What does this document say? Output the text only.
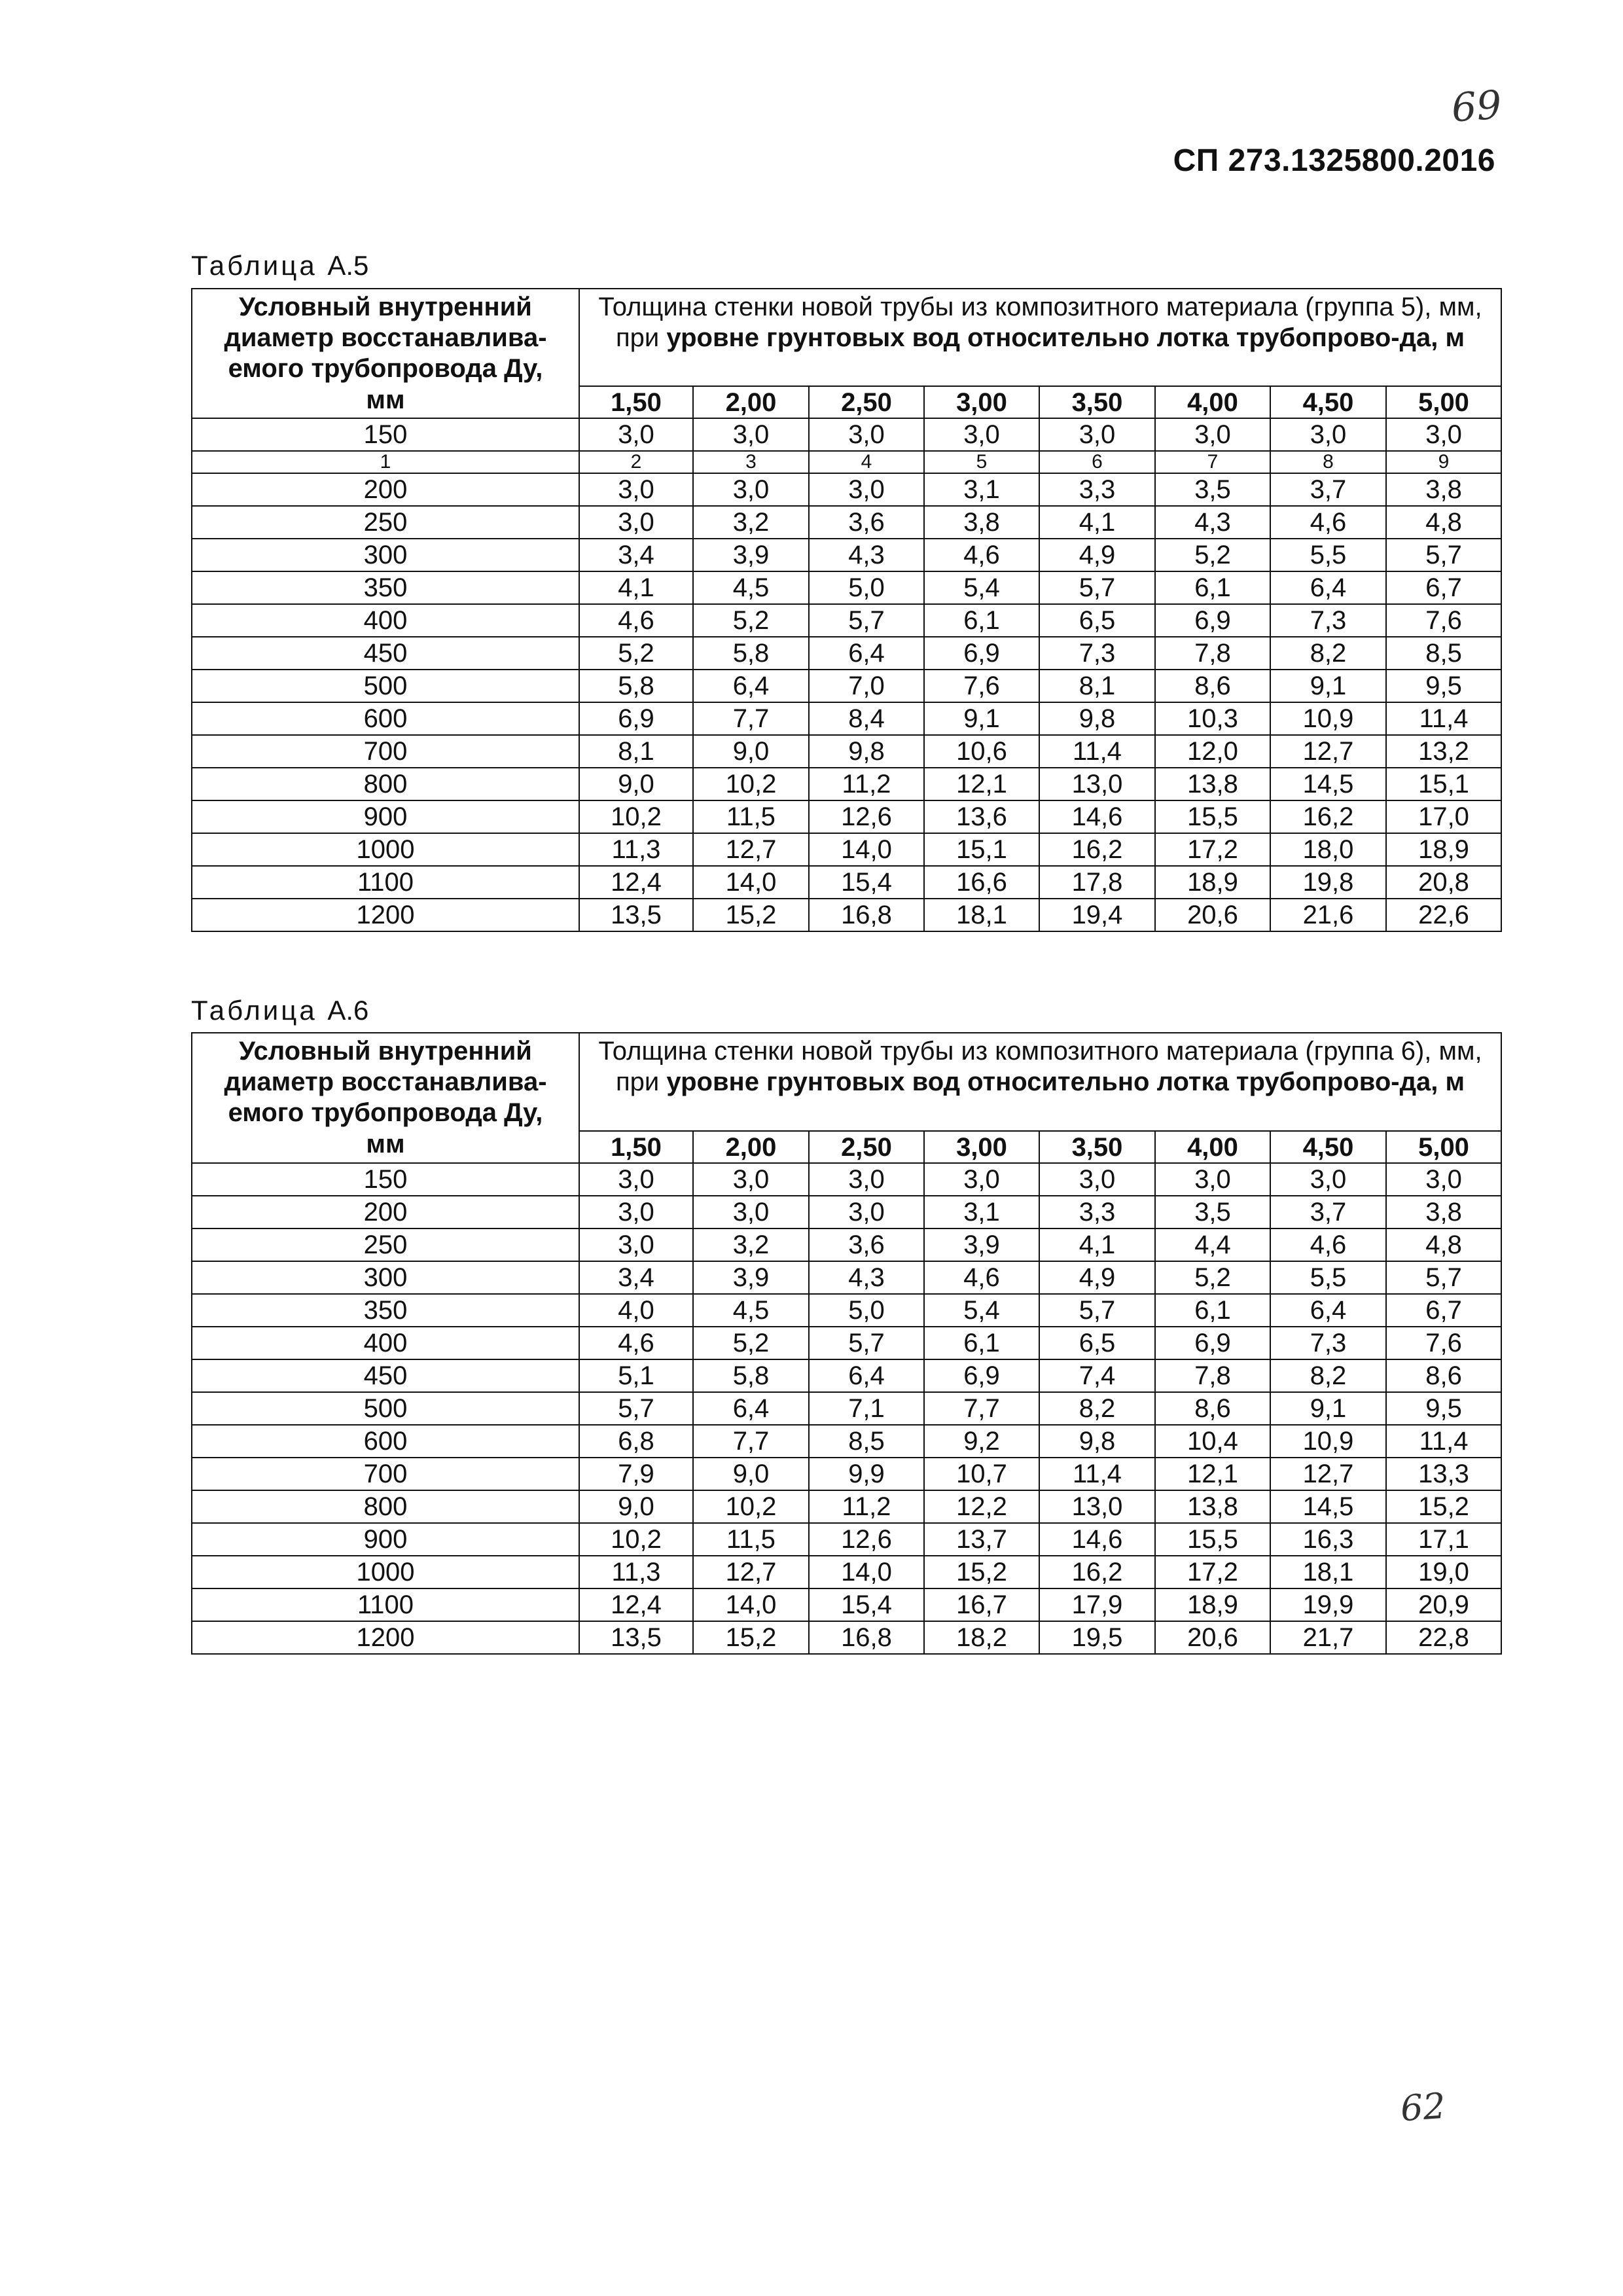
69
СП 273.1325800.2016
Таблица А.5
Условный внутренний диаметр восстанавлива-емого трубопровода Ду,
мм	Толщина стенки новой трубы из композитного материала (группа 5), мм, при уровне грунтовых вод относительно лотка трубопрово-да, м							
	1,50	2,00	2,50	3,00	3,50	4,00	4,50	5,00
150	3,0	3,0	3,0	3,0	3,0	3,0	3,0	3,0
1	2	3	4	5	6	7	8	9
200	3,0	3,0	3,0	3,1	3,3	3,5	3,7	3,8
250	3,0	3,2	3,6	3,8	4,1	4,3	4,6	4,8
300	3,4	3,9	4,3	4,6	4,9	5,2	5,5	5,7
350	4,1	4,5	5,0	5,4	5,7	6,1	6,4	6,7
400	4,6	5,2	5,7	6,1	6,5	6,9	7,3	7,6
450	5,2	5,8	6,4	6,9	7,3	7,8	8,2	8,5
500	5,8	6,4	7,0	7,6	8,1	8,6	9,1	9,5
600	6,9	7,7	8,4	9,1	9,8	10,3	10,9	11,4
700	8,1	9,0	9,8	10,6	11,4	12,0	12,7	13,2
800	9,0	10,2	11,2	12,1	13,0	13,8	14,5	15,1
900	10,2	11,5	12,6	13,6	14,6	15,5	16,2	17,0
1000	11,3	12,7	14,0	15,1	16,2	17,2	18,0	18,9
1100	12,4	14,0	15,4	16,6	17,8	18,9	19,8	20,8
1200	13,5	15,2	16,8	18,1	19,4	20,6	21,6	22,6
Таблица А.6
Условный внутренний диаметр восстанавлива-емого трубопровода Ду,
мм	Толщина стенки новой трубы из композитного материала (группа 6), мм, при уровне грунтовых вод относительно лотка трубопрово-да, м							
	1,50	2,00	2,50	3,00	3,50	4,00	4,50	5,00
150	3,0	3,0	3,0	3,0	3,0	3,0	3,0	3,0
200	3,0	3,0	3,0	3,1	3,3	3,5	3,7	3,8
250	3,0	3,2	3,6	3,9	4,1	4,4	4,6	4,8
300	3,4	3,9	4,3	4,6	4,9	5,2	5,5	5,7
350	4,0	4,5	5,0	5,4	5,7	6,1	6,4	6,7
400	4,6	5,2	5,7	6,1	6,5	6,9	7,3	7,6
450	5,1	5,8	6,4	6,9	7,4	7,8	8,2	8,6
500	5,7	6,4	7,1	7,7	8,2	8,6	9,1	9,5
600	6,8	7,7	8,5	9,2	9,8	10,4	10,9	11,4
700	7,9	9,0	9,9	10,7	11,4	12,1	12,7	13,3
800	9,0	10,2	11,2	12,2	13,0	13,8	14,5	15,2
900	10,2	11,5	12,6	13,7	14,6	15,5	16,3	17,1
1000	11,3	12,7	14,0	15,2	16,2	17,2	18,1	19,0
1100	12,4	14,0	15,4	16,7	17,9	18,9	19,9	20,9
1200	13,5	15,2	16,8	18,2	19,5	20,6	21,7	22,8
62
